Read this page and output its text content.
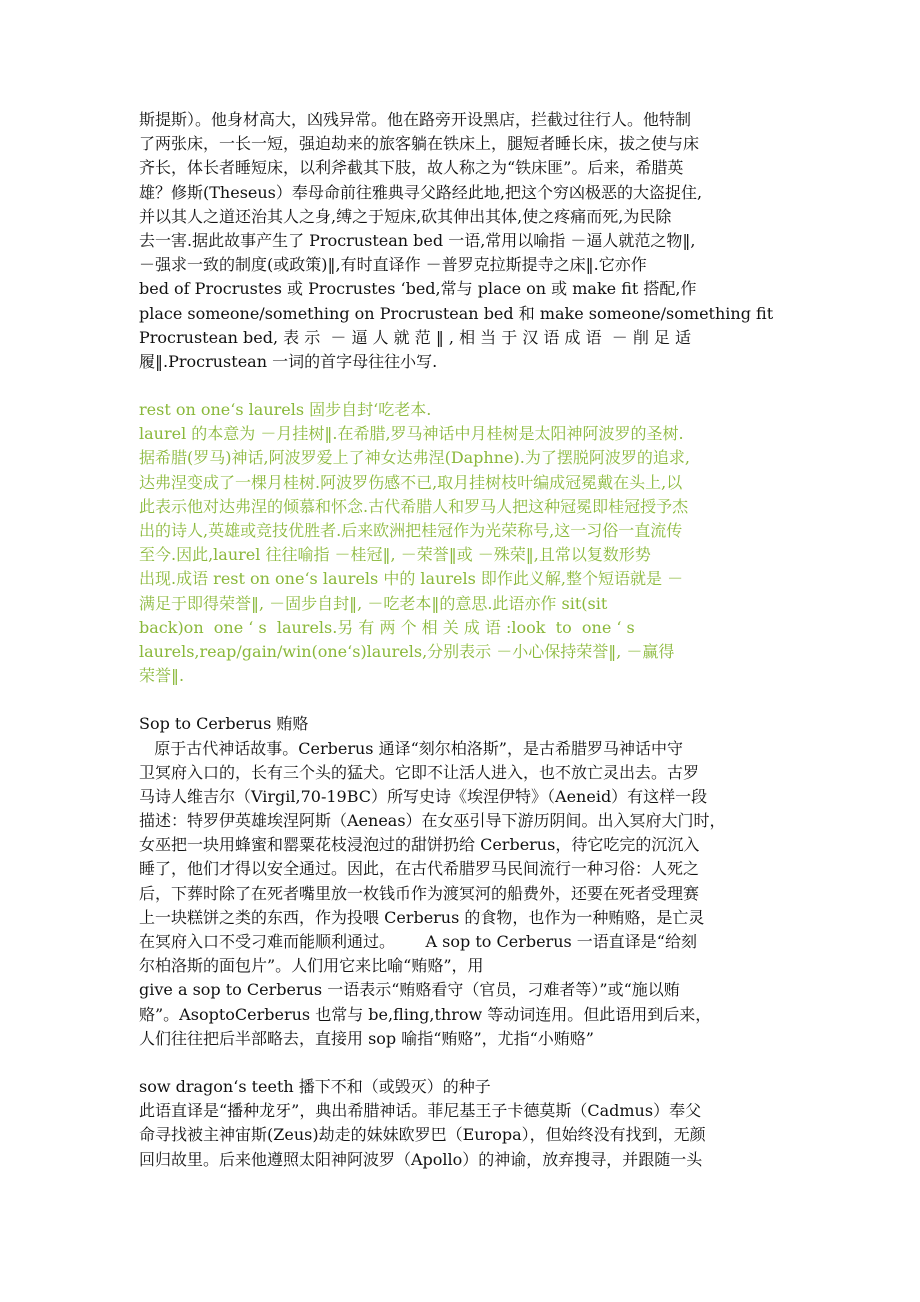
斯提斯）。他身材高大，凶残异常。他在路旁开设黑店，拦截过往行人。他特制
了两张床，一长一短，强迫劫来的旅客躺在铁床上，腿短者睡长床，拔之使与床
齐长，体长者睡短床，以利斧截其下肢，故人称之为“铁床匪”。后来，希腊英
雄？修斯(Theseus）奉母命前往雅典寻父路经此地,把这个穷凶极恶的大盗捉住,
并以其人之道还治其人之身,缚之于短床,砍其伸出其体,使之疼痛而死,为民除
去一害.据此故事产生了 Procrustean bed 一语,常用以喻指 －逼人就范之物‖,
－强求一致的制度(或政策)‖,有时直译作 －普罗克拉斯提寺之床‖.它亦作
bed of Procrustes 或 Procrustes ‘bed,常与 place on 或 make fit 搭配,作
place someone/something on Procrustean bed 和 make someone/something fit
Procrustean bed, 表 示  － 逼 人 就 范 ‖ , 相 当 于 汉 语 成 语  － 削 足 适
履‖.Procrustean 一词的首字母往往小写.
rest on one‘s laurels 固步自封‘吃老本.
laurel 的本意为 －月挂树‖.在希腊,罗马神话中月桂树是太阳神阿波罗的圣树.
据希腊(罗马)神话,阿波罗爱上了神女达弗涅(Daphne).为了摆脱阿波罗的追求,
达弗涅变成了一棵月桂树.阿波罗伤感不已,取月挂树枝叶编成冠冕戴在头上,以
此表示他对达弗涅的倾慕和怀念.古代希腊人和罗马人把这种冠冕即桂冠授予杰
出的诗人,英雄或竞技优胜者.后来欧洲把桂冠作为光荣称号,这一习俗一直流传
至今.因此,laurel 往往喻指 －桂冠‖, －荣誉‖或 －殊荣‖,且常以复数形势
出现.成语 rest on one‘s laurels 中的 laurels 即作此义解,整个短语就是 －
满足于即得荣誉‖, －固步自封‖, －吃老本‖的意思.此语亦作 sit(sit
back)on  one ‘ s  laurels.另 有 两 个 相 关 成 语 :look  to  one ‘ s
laurels,reap/gain/win(one‘s)laurels,分别表示 －小心保持荣誉‖, －赢得
荣誉‖.
Sop to Cerberus 贿赂
原于古代神话故事。Cerberus 通译“刻尔柏洛斯”，是古希腊罗马神话中守
卫冥府入口的，长有三个头的猛犬。它即不让活人进入，也不放亡灵出去。古罗
马诗人维吉尔（Virgil,70-19BC）所写史诗《埃涅伊特》（Aeneid）有这样一段
描述：特罗伊英雄埃涅阿斯（Aeneas）在女巫引导下游历阴间。出入冥府大门时，
女巫把一块用蜂蜜和罂粟花枝浸泡过的甜饼扔给 Cerberus，待它吃完的沉沉入
睡了，他们才得以安全通过。因此，在古代希腊罗马民间流行一种习俗：人死之
后，下葬时除了在死者嘴里放一枚钱币作为渡冥河的船费外，还要在死者受理赛
上一块糕饼之类的东西，作为投喂 Cerberus 的食物，也作为一种贿赂，是亡灵
在冥府入口不受刁难而能顺利通过。      A sop to Cerberus 一语直译是“给刻
尔柏洛斯的面包片”。人们用它来比喻“贿赂”，用
give a sop to Cerberus 一语表示“贿赂看守（官员，刁难者等）”或“施以贿
赂”。AsoptoCerberus 也常与 be,fling,throw 等动词连用。但此语用到后来，
人们往往把后半部略去，直接用 sop 喻指“贿赂”，尤指“小贿赂”
sow dragon‘s teeth 播下不和（或毁灭）的种子
此语直译是“播种龙牙”，典出希腊神话。菲尼基王子卡德莫斯（Cadmus）奉父
命寻找被主神宙斯(Zeus)劫走的妹妹欧罗巴（Europa），但始终没有找到，无颜
回归故里。后来他遵照太阳神阿波罗（Apollo）的神谕，放弃搜寻，并跟随一头
